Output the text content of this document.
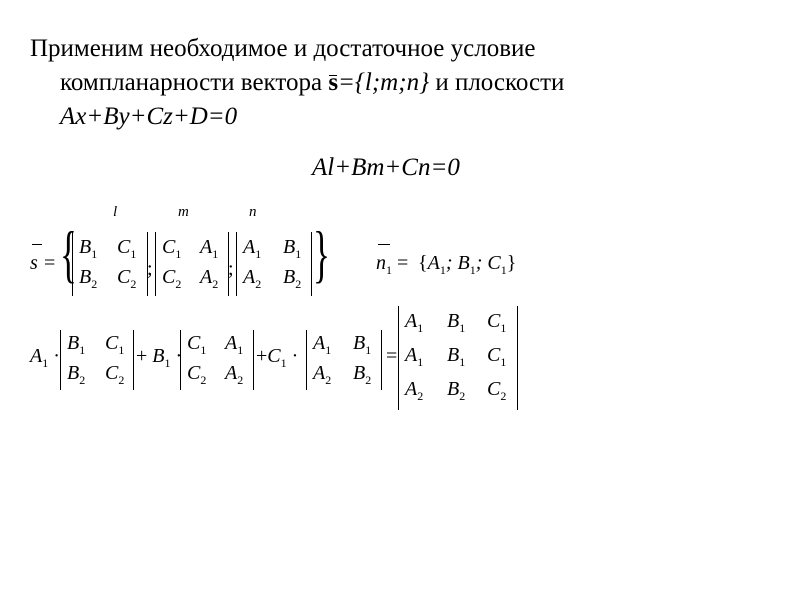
Применим необходимое и достаточное условие
компланарности вектора s={l;m;n} и плоскости
Ax+By+Cz+D=0
Al+Bm+Cn=0
l	m	n
s = { $B_1$ $C_1$
$B_2$ $C_2$
;
$C_1$ $A_1$
$C_2$ $A_2$
;
$A_1$ $B_1$
$A_2$ $B_2$ } $n_1 = \{A_1$; $B_1$; $C_1$}
$A_1$ ·
$B_1$ $C_1$
$B_2$ $C_2$
+ $B_1$ ·
$C_1$ $A_1$
$C_2$ $A_2$
$+C_1$ ·
$A_1$ $B_1$
$A_2$ $B_2$
=
$A_1$ $B_1$ $C_1$
$A_1$ $B_1$ $C_1$
$A_2$ $B_2$ $C_2$
